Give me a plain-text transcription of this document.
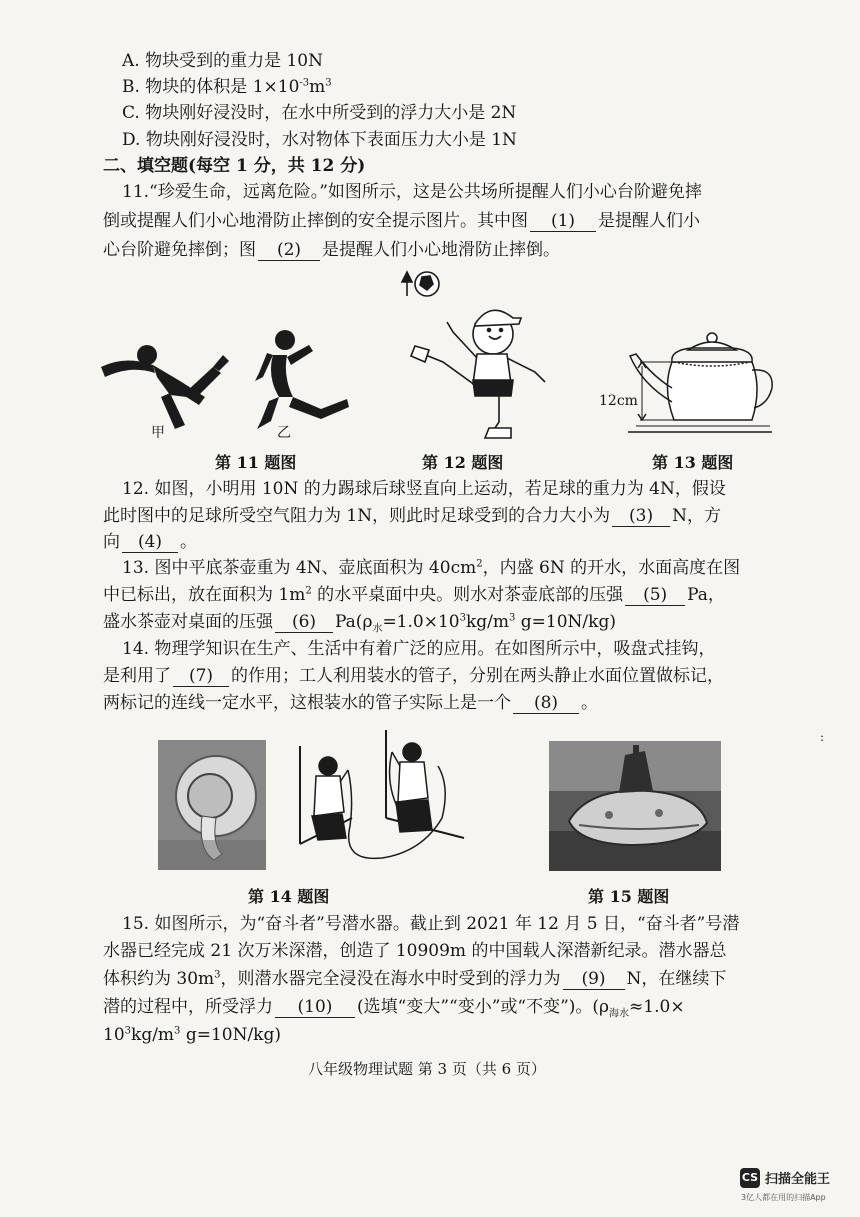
A. 物块受到的重力是 10N
B. 物块的体积是 $1\times 10^{-3}m^3$
C. 物块刚好浸没时，在水中所受到的浮力大小是 2N
D. 物块刚好浸没时，水对物体下表面压力大小是 1N
二、填空题(每空 1 分，共 12 分)
11.“珍爱生命，远离危险。”如图所示，这是公共场所提醒人们小心台阶避免摔
倒或提醒人们小心地滑防止摔倒的安全提示图片。其中图 (1) 是提醒人们小
心台阶避免摔倒；图 (2) 是提醒人们小心地滑防止摔倒。
甲	乙
第 11 题图	第 12 题图
12cm
第 13 题图
12. 如图，小明用 10N 的力踢球后球竖直向上运动，若足球的重力为 4N，假设
此时图中的足球所受空气阻力为 1N，则此时足球受到的合力大小为 (3) N，方
向 (4) 。
13. 图中平底茶壶重为 4N、壶底面积为 $40cm^2$，内盛 6N 的开水，水面高度在图
中已标出，放在面积为 $1m^2$ 的水平桌面中央。则水对茶壶底部的压强 (5) Pa，
盛水茶壶对桌面的压强 (6) $Pa(\rho_水=1.0\times 10^3kg/m^3$ g=10N/kg)
14. 物理学知识在生产、生活中有着广泛的应用。在如图所示中，吸盘式挂钩，
是利用了 (7) 的作用；工人利用装水的管子，分别在两头静止水面位置做标记，
两标记的连线一定水平，这根装水的管子实际上是一个 (8) 。
:
第 14 题图	第 15 题图
15. 如图所示，为“奋斗者”号潜水器。截止到 2021 年 12 月 5 日，“奋斗者”号潜
水器已经完成 21 次万米深潜，创造了 10909m 的中国载人深潜新纪录。潜水器总
体积约为 $30m^3$，则潜水器完全浸没在海水中时受到的浮力为 (9) N，在继续下
潜的过程中，所受浮力 (10) (选填“变大”“变小”或“不变”)。($\rho_{海水}\approx 1.0\times$
$10^3kg/m^3$ g=10N/kg)
八年级物理试题 第 3 页（共 6 页）
CS 扫描全能王
3亿人都在用的扫描App
